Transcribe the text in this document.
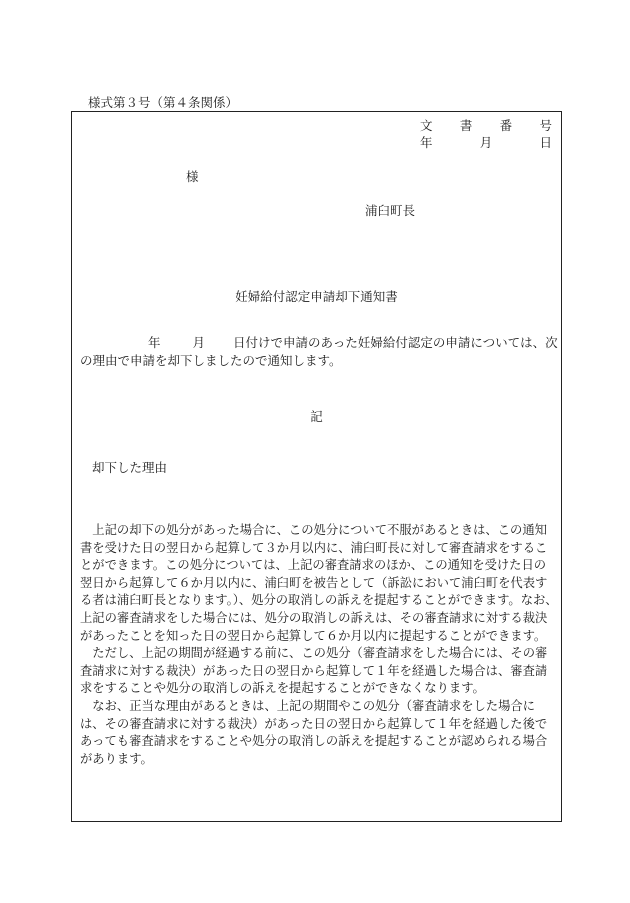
様式第３号（第４条関係）
文 書 番 号
年	月	日
様
浦臼町長
妊婦給付認定申請却下通知書
年	月 日付けで申請のあった妊婦給付認定の申請については、次の理由で申請を却下しましたので通知します。
記
却下した理由

上記の却下の処分があった場合に、この処分について不服があるときは、この通知書を受けた日の翌日から起算して３か月以内に、浦臼町長に対して審査請求をすることができます。この処分については、上記の審査請求のほか、この通知を受けた日の翌日から起算して６か月以内に、浦臼町を被告として（訴訟において浦臼町を代表する者は浦臼町長となります。）、処分の取消しの訴えを提起することができます。なお、上記の審査請求をした場合には、処分の取消しの訴えは、その審査請求に対する裁決があったことを知った日の翌日から起算して６か月以内に提起することができます。

ただし、上記の期間が経過する前に、この処分（審査請求をした場合には、その審査請求に対する裁決）があった日の翌日から起算して１年を経過した場合は、審査請求をすることや処分の取消しの訴えを提起することができなくなります。

なお、正当な理由があるときは、上記の期間やこの処分（審査請求をした場合には、その審査請求に対する裁決）があった日の翌日から起算して１年を経過した後であっても審査請求をすることや処分の取消しの訴えを提起することが認められる場合があります。
